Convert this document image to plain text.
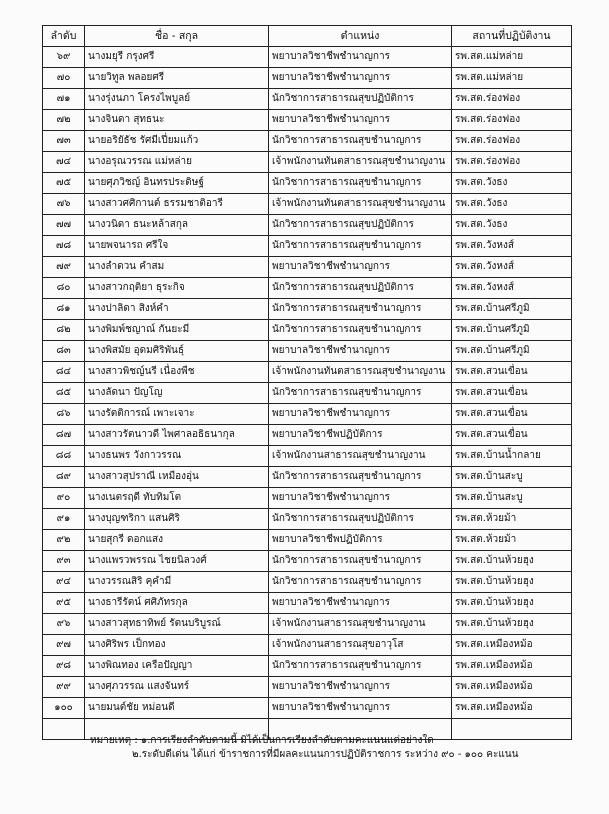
ลำดับ	ชื่อ - สกุล	ตำแหน่ง	สถานที่ปฏิบัติงาน
๖๙	นางมยุรี กรุงศรี	พยาบาลวิชาชีพชำนาญการ	รพ.สต.แม่หล่าย
๗๐	นายวิทูล พลอยศรี	พยาบาลวิชาชีพชำนาญการ	รพ.สต.แม่หล่าย
๗๑	นางรุ่งนภา โครงไพบูลย์	นักวิชาการสาธารณสุขปฏิบัติการ	รพ.สต.ร่องฟอง
๗๒	นางจินดา สุทธนะ	พยาบาลวิชาชีพชำนาญการ	รพ.สต.ร่องฟอง
๗๓	นายอริยัธัช รัศมีเปี่ยมแก้ว	นักวิชาการสาธารณสุขชำนาญการ	รพ.สต.ร่องฟอง
๗๔	นางอรุณวรรณ แม่หล่าย	เจ้าพนักงานทันตสาธารณสุขชำนาญงาน	รพ.สต.ร่องฟอง
๗๕	นายศุภวิชญ์ อินทรประดิษฐ์	นักวิชาการสาธารณสุขชำนาญการ	รพ.สต.วังธง
๗๖	นางสาวศศิกานต์ ธรรมชาติอารี	เจ้าพนักงานทันตสาธารณสุขชำนาญงาน	รพ.สต.วังธง
๗๗	นางวนิดา ธนะหล้าสกุล	นักวิชาการสาธารณสุขปฏิบัติการ	รพ.สต.วังธง
๗๘	นายพจนารถ ศรีใจ	นักวิชาการสาธารณสุขชำนาญการ	รพ.สต.วังหงส์
๗๙	นางลำดวน คำสม	พยาบาลวิชาชีพชำนาญการ	รพ.สต.วังหงส์
๘๐	นางสาวกฤติยา ธุระกิจ	นักวิชาการสาธารณสุขปฏิบัติการ	รพ.สต.วังหงส์
๘๑	นางปาลิดา สิงห์คำ	นักวิชาการสาธารณสุขชำนาญการ	รพ.สต.บ้านศรีภูมิ
๘๒	นางพิมพ์ชญาณ์ กันยะมี	นักวิชาการสาธารณสุขชำนาญการ	รพ.สต.บ้านศรีภูมิ
๘๓	นางพิสมัย อุดมศิริพันธุ์	พยาบาลวิชาชีพชำนาญการ	รพ.สต.บ้านศรีภูมิ
๘๔	นางสาวพิชญ์นรี เนื่องพืช	เจ้าพนักงานทันตสาธารณสุขชำนาญงาน	รพ.สต.สวนเขื่อน
๘๕	นางลัดนา ปัญโญ	นักวิชาการสาธารณสุขชำนาญการ	รพ.สต.สวนเขื่อน
๘๖	นางรัตติการณ์ เพาะเจาะ	พยาบาลวิชาชีพชำนาญการ	รพ.สต.สวนเขื่อน
๘๗	นางสาวรัตนาวดี ไพศาลอธิธนากุล	พยาบาลวิชาชีพปฏิบัติการ	รพ.สต.สวนเขื่อน
๘๘	นางธนพร วังกาวรรณ	เจ้าพนักงานสาธารณสุขชำนาญงาน	รพ.สต.บ้านน้ำกลาย
๘๙	นางสาวสุปราณี เหมืองอุ่น	นักวิชาการสาธารณสุขชำนาญการ	รพ.สต.บ้านสะบู
๙๐	นางเนตรฤดี ทับทิมโต	พยาบาลวิชาชีพชำนาญการ	รพ.สต.บ้านสะบู
๙๑	นางบุญฑริกา แสนศิริ	นักวิชาการสาธารณสุขปฏิบัติการ	รพ.สต.ห้วยม้า
๙๒	นายสุกรี ดอกแสง	พยาบาลวิชาชีพปฏิบัติการ	รพ.สต.ห้วยม้า
๙๓	นางแพรวพรรณ ไชยนิลวงศ์	นักวิชาการสาธารณสุขชำนาญการ	รพ.สต.บ้านห้วยฮุง
๙๔	นางวรรณสิริ คุคำมี	นักวิชาการสาธารณสุขชำนาญการ	รพ.สต.บ้านห้วยฮุง
๙๕	นางธารีรัตน์ ศศิภัทรกุล	พยาบาลวิชาชีพชำนาญการ	รพ.สต.บ้านห้วยฮุง
๙๖	นางสาวสุทธาทิพย์ รัตนบริบูรณ์	เจ้าพนักงานสาธารณสุขชำนาญงาน	รพ.สต.บ้านห้วยฮุง
๙๗	นางศิริพร เป็กทอง	เจ้าพนักงานสาธารณสุขอาวุโส	รพ.สต.เหมืองหม้อ
๙๘	นางพิณทอง เครือปัญญา	นักวิชาการสาธารณสุขชำนาญการ	รพ.สต.เหมืองหม้อ
๙๙	นางศุภวรรณ แสงจันทร์	พยาบาลวิชาชีพชำนาญการ	รพ.สต.เหมืองหม้อ
๑๐๐	นายมนต์ชัย หม่อนดี	พยาบาลวิชาชีพชำนาญการ	รพ.สต.เหมืองหม้อ

หมายเหตุ : ๑.การเรียงลำดับตามนี้ มิได้เป็นการเรียงลำดับตามคะแนนแต่อย่างใด
๒.ระดับดีเด่น ได้แก่ ข้าราชการที่มีผลคะแนนการปฏิบัติราชการ ระหว่าง ๙๐ - ๑๐๐ คะแนน
